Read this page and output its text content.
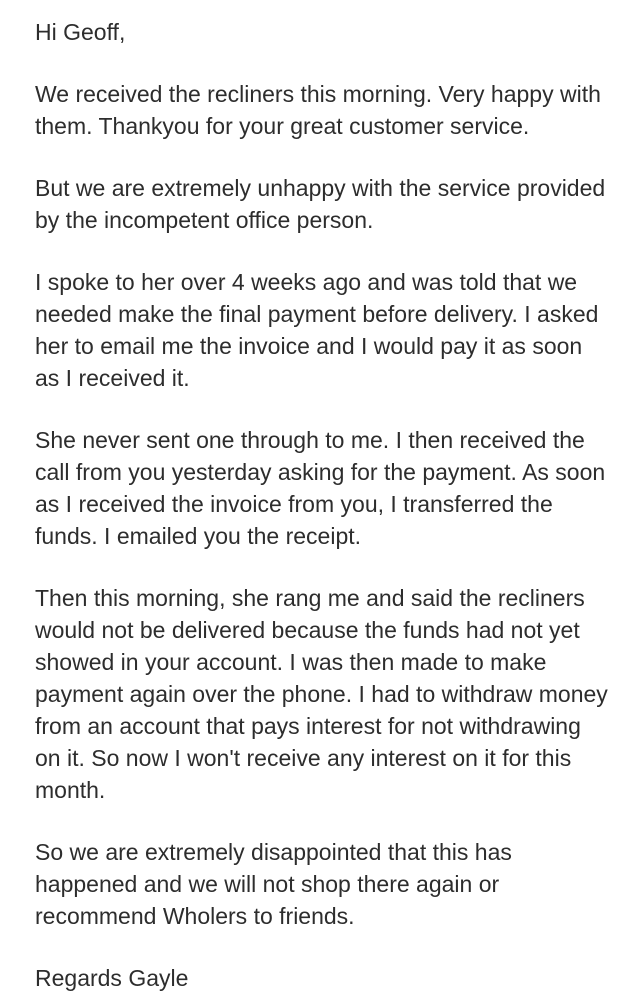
Hi Geoff,

We received the recliners this morning. Very happy with them. Thankyou for your great customer service.

But we are extremely unhappy with the service provided by the incompetent office person.

I spoke to her over 4 weeks ago and was told that we needed make the final payment before delivery. I asked her to email me the invoice and I would pay it as soon as I received it.

She never sent one through to me. I then received the call from you yesterday asking for the payment. As soon as I received the invoice from you, I transferred the funds. I emailed you the receipt.

Then this morning, she rang me and said the recliners would not be delivered because the funds had not yet showed in your account. I was then made to make payment again over the phone. I had to withdraw money from an account that pays interest for not withdrawing on it. So now I won't receive any interest on it for this month.

So we are extremely disappointed that this has happened and we will not shop there again or recommend Wholers to friends.

Regards Gayle
